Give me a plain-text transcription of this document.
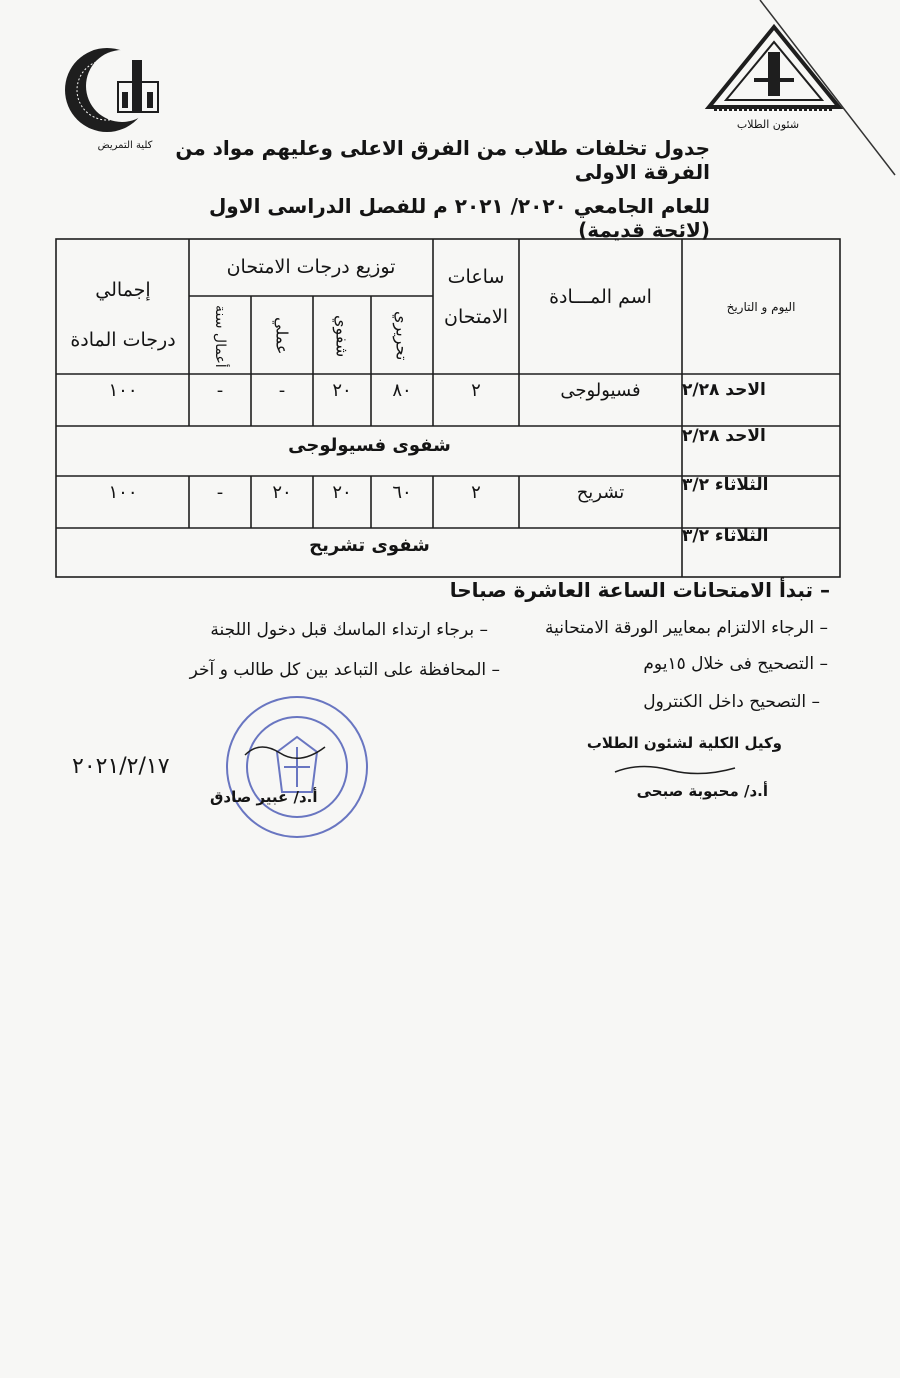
كلية التمريض
شئون الطلاب
جدول تخلفات طلاب من الفرق الاعلى وعليهم مواد من الفرقة الاولى
للعام الجامعي ٢٠٢٠/ ٢٠٢١ م للفصل الدراسى الاول (لائحة قديمة)
اليوم و التاريخ
اسم المـــادة
ساعات
الامتحان
توزيع درجات الامتحان
تحريري
شفوي
عملي
أعمال سنة
إجمالي
درجات المادة
الاحد ٢/٢٨
فسيولوجى
٢
٨٠
٢٠
-
-
١٠٠
الاحد ٢/٢٨
شفوى فسيولوجى
الثلاثاء ٣/٢
تشريح
٢
٦٠
٢٠
٢٠
-
١٠٠
الثلاثاء ٣/٢
شفوى تشريح
– تبدأ الامتحانات الساعة العاشرة صباحا
– الرجاء الالتزام بمعايير الورقة الامتحانية
– برجاء ارتداء الماسك قبل دخول اللجنة
– التصحيح فى خلال ١٥يوم
– المحافظة على التباعد بين كل طالب و آخر
– التصحيح داخل الكنترول
وكيل الكلية لشئون الطلاب
أ.د/ محبوبة صبحى
أ.د/ عبير صادق
٢٠٢١/٢/١٧
